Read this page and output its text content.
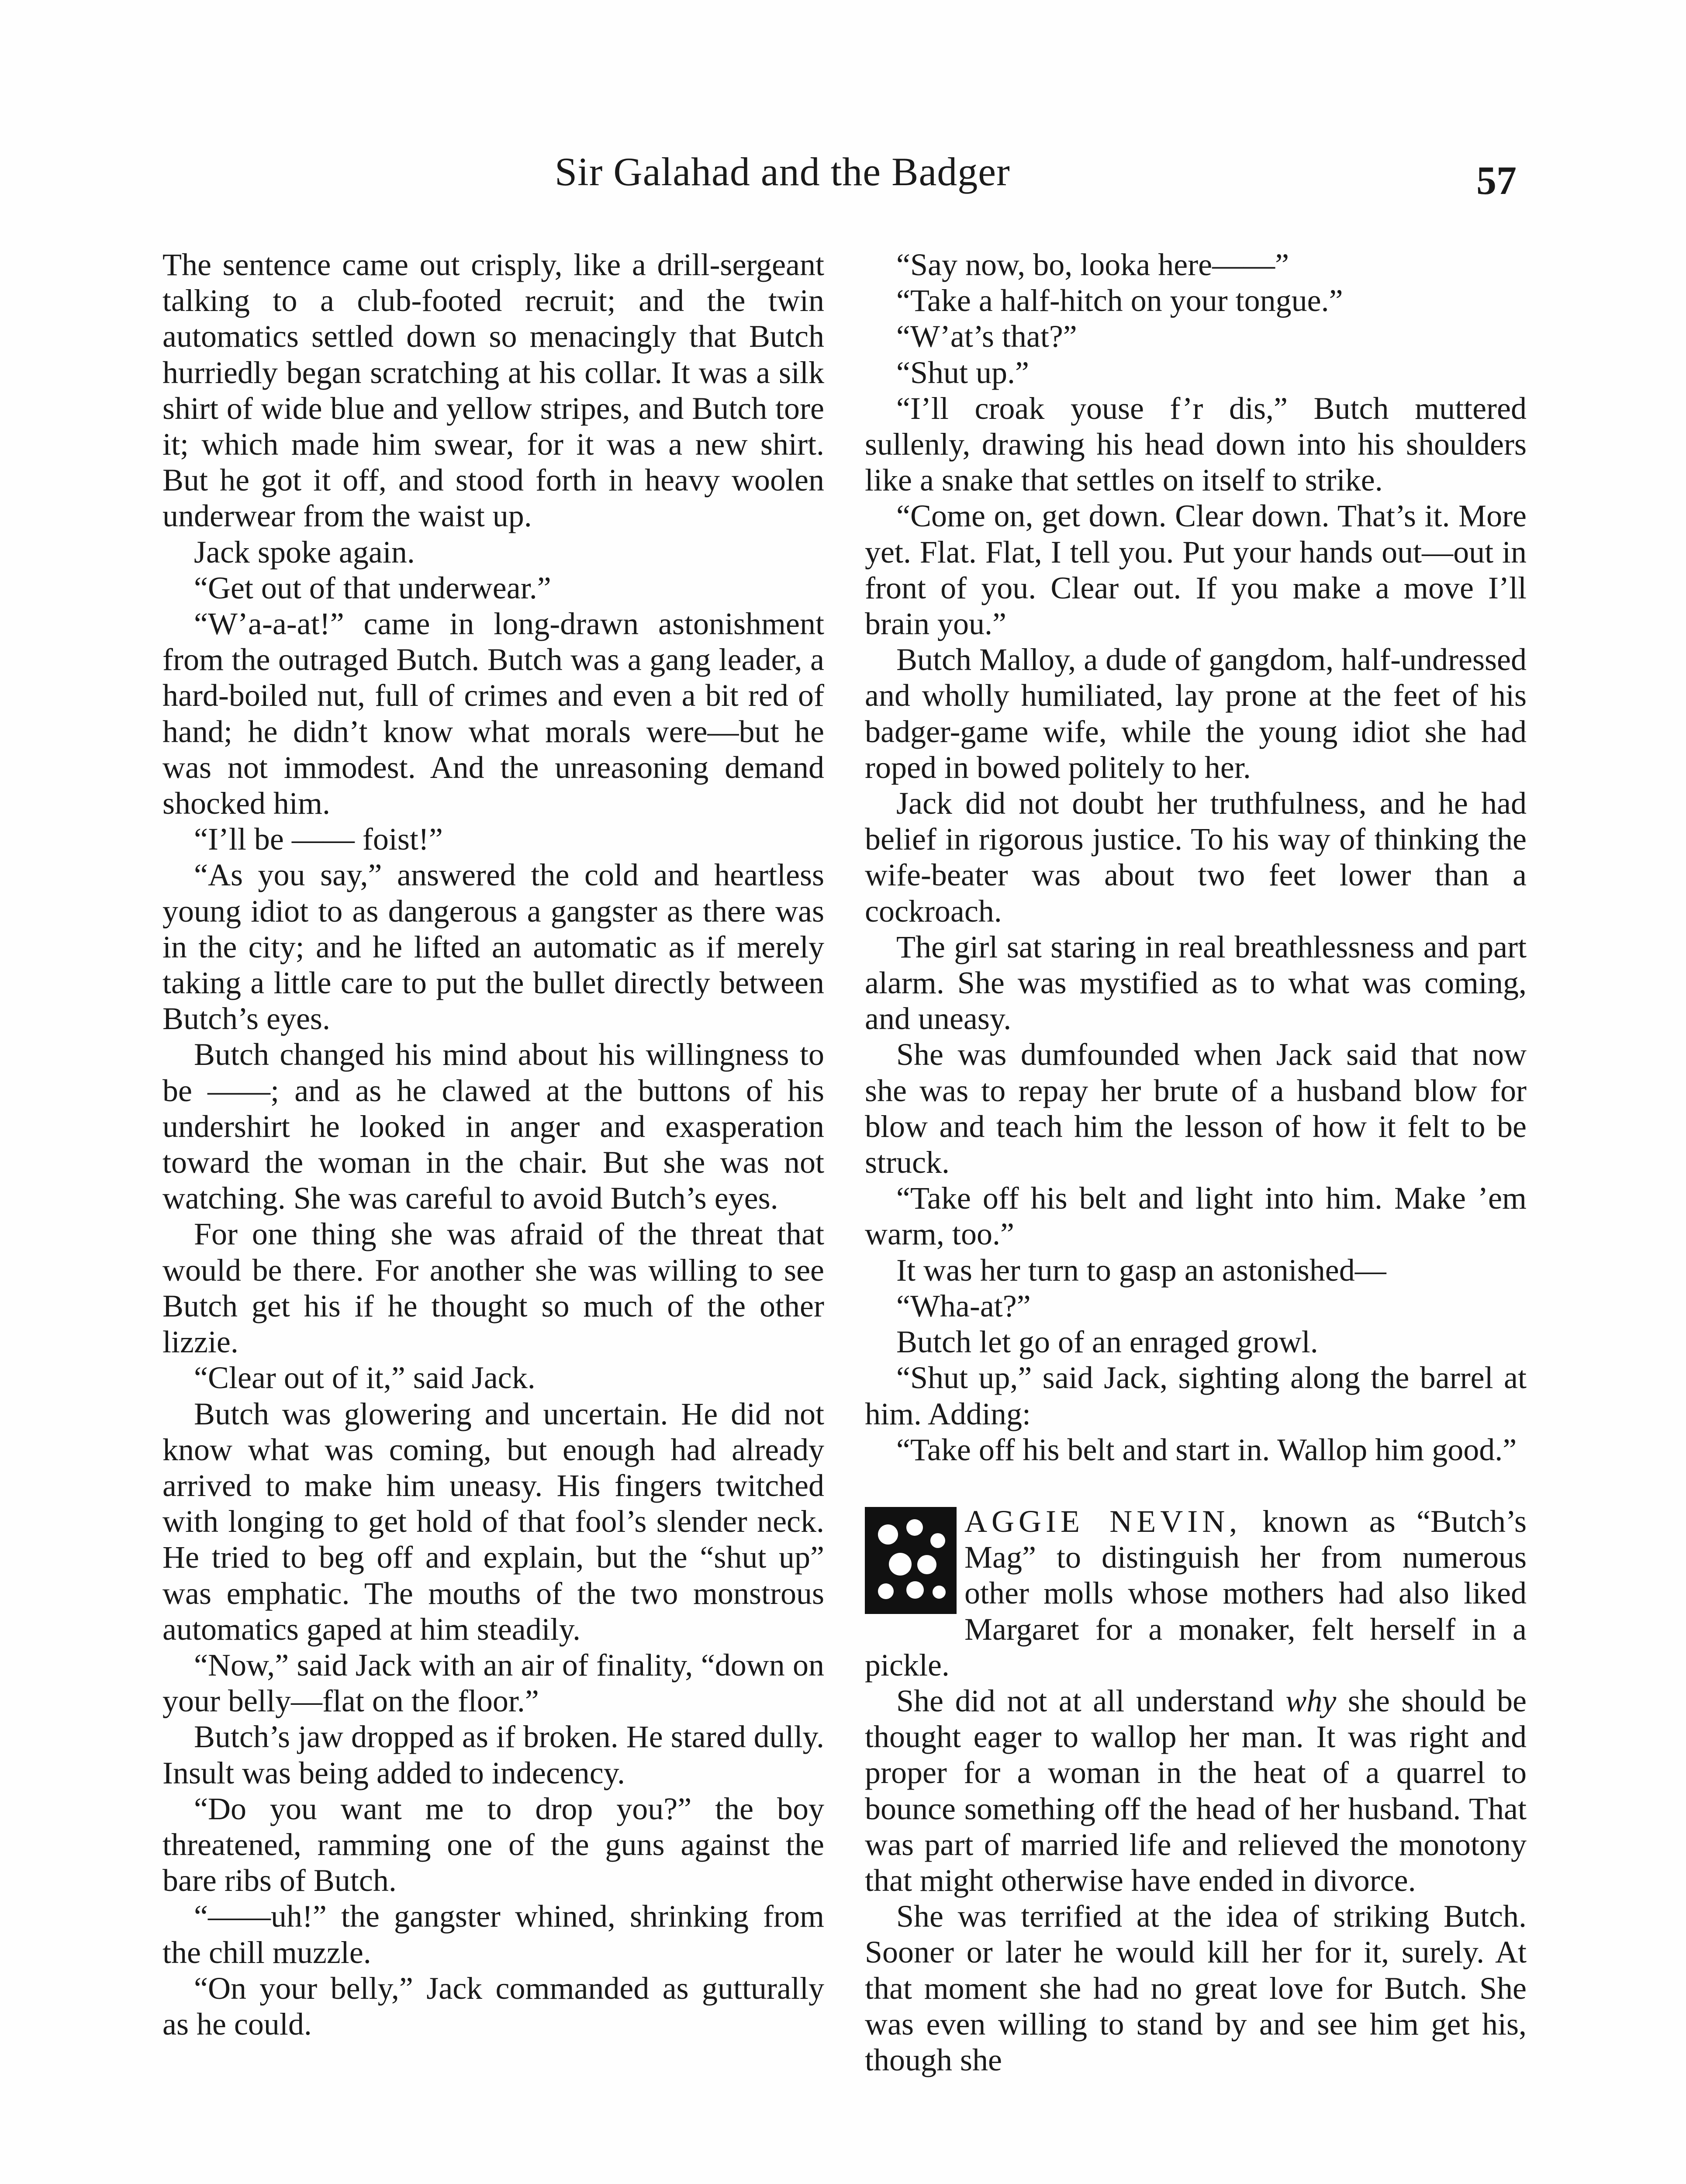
Sir Galahad and the Badger	57

The sentence came out crisply, like a drill-sergeant talking to a club-footed recruit; and the twin automatics settled down so menacingly that Butch hurriedly began scratching at his collar. It was a silk shirt of wide blue and yellow stripes, and Butch tore it; which made him swear, for it was a new shirt. But he got it off, and stood forth in heavy woolen underwear from the waist up.

Jack spoke again.

“Get out of that underwear.”

“W’a-a-at!” came in long-drawn astonishment from the outraged Butch. Butch was a gang leader, a hard-boiled nut, full of crimes and even a bit red of hand; he didn’t know what morals were—but he was not immodest. And the unreasoning demand shocked him.

“I’ll be —— foist!”

“As you say,” answered the cold and heartless young idiot to as dangerous a gangster as there was in the city; and he lifted an automatic as if merely taking a little care to put the bullet directly between Butch’s eyes.

Butch changed his mind about his willingness to be ——; and as he clawed at the buttons of his undershirt he looked in anger and exasperation toward the woman in the chair. But she was not watching. She was careful to avoid Butch’s eyes.

For one thing she was afraid of the threat that would be there. For another she was willing to see Butch get his if he thought so much of the other lizzie.

“Clear out of it,” said Jack.

Butch was glowering and uncertain. He did not know what was coming, but enough had already arrived to make him uneasy. His fingers twitched with longing to get hold of that fool’s slender neck. He tried to beg off and explain, but the “shut up” was emphatic. The mouths of the two monstrous automatics gaped at him steadily.

“Now,” said Jack with an air of finality, “down on your belly—flat on the floor.”

Butch’s jaw dropped as if broken. He stared dully. Insult was being added to indecency.

“Do you want me to drop you?” the boy threatened, ramming one of the guns against the bare ribs of Butch.

“——uh!” the gangster whined, shrinking from the chill muzzle.

“On your belly,” Jack commanded as gutturally as he could.

“Say now, bo, looka here——”

“Take a half-hitch on your tongue.”

“W’at’s that?”

“Shut up.”

“I’ll croak youse f’r dis,” Butch muttered sullenly, drawing his head down into his shoulders like a snake that settles on itself to strike.

“Come on, get down. Clear down. That’s it. More yet. Flat. Flat, I tell you. Put your hands out—out in front of you. Clear out. If you make a move I’ll brain you.”

Butch Malloy, a dude of gangdom, half-undressed and wholly humiliated, lay prone at the feet of his badger-game wife, while the young idiot she had roped in bowed politely to her.

Jack did not doubt her truthfulness, and he had belief in rigorous justice. To his way of thinking the wife-beater was about two feet lower than a cockroach.

The girl sat staring in real breathlessness and part alarm. She was mystified as to what was coming, and uneasy.

She was dumfounded when Jack said that now she was to repay her brute of a husband blow for blow and teach him the lesson of how it felt to be struck.

“Take off his belt and light into him. Make ’em warm, too.”

It was her turn to gasp an astonished—

“Wha-at?”

Butch let go of an enraged growl.

“Shut up,” said Jack, sighting along the barrel at him. Adding:

“Take off his belt and start in. Wallop him good.”

AGGIE NEVIN, known as “Butch’s Mag” to distinguish her from numerous other molls whose mothers had also liked Margaret for a monaker, felt herself in a pickle.

She did not at all understand why she should be thought eager to wallop her man. It was right and proper for a woman in the heat of a quarrel to bounce something off the head of her husband. That was part of married life and relieved the monotony that might otherwise have ended in divorce.

She was terrified at the idea of striking Butch. Sooner or later he would kill her for it, surely. At that moment she had no great love for Butch. She was even willing to stand by and see him get his, though she
